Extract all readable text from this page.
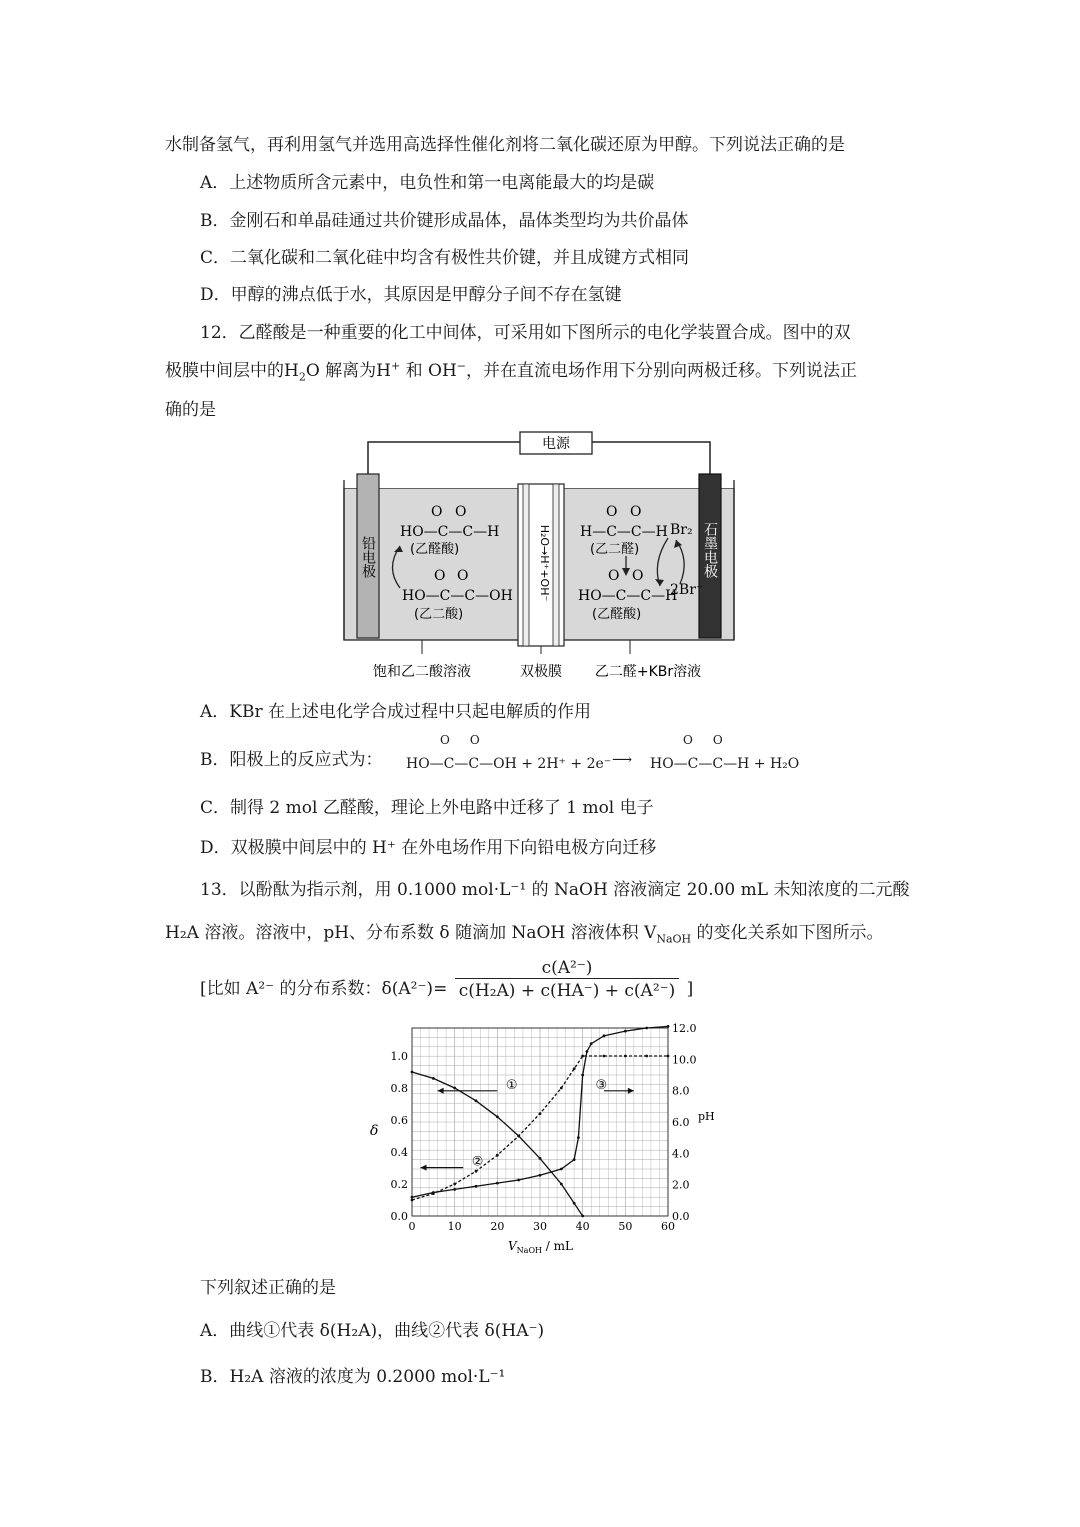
水制备氢气，再利用氢气并选用高选择性催化剂将二氧化碳还原为甲醇。下列说法正确的是
A．上述物质所含元素中，电负性和第一电离能最大的均是碳
B．金刚石和单晶硅通过共价键形成晶体，晶体类型均为共价晶体
C．二氧化碳和二氧化硅中均含有极性共价键，并且成键方式相同
D．甲醇的沸点低于水，其原因是甲醇分子间不存在氢键
12．乙醛酸是一种重要的化工中间体，可采用如下图所示的电化学装置合成。图中的双
极膜中间层中的$H_2O$ 解离为H+ 和 OH−，并在直流电场作用下分别向两极迁移。下列说法正
确的是
电源
H₂O→H⁺+OH⁻
铅电极	石墨电极
O O
HO—C—C—H
(乙醛酸)
O O
HO—C—C—OH
(乙二酸)
O O
H—C—C—H
(乙二醛)
O O
HO—C—C—H
(乙醛酸)
Br₂
2Br⁻
饱和乙二酸溶液	双极膜 乙二醛+KBr溶液
A．KBr 在上述电化学合成过程中只起电解质的作用
B．阳极上的反应式为： HO—C—C—OH + 2H⁺ + 2e⁻ ⟶ HO—C—C—H + H₂O
O O	O O
C．制得 2 mol 乙醛酸，理论上外电路中迁移了 1 mol 电子
D．双极膜中间层中的 H⁺ 在外电场作用下向铅电极方向迁移
13．以酚酞为指示剂，用 0.1000 mol·L⁻¹ 的 NaOH 溶液滴定 20.00 mL 未知浓度的二元酸
H₂A 溶液。溶液中，pH、分布系数 δ 随滴加 NaOH 溶液体积 $V_{NaOH}$ 的变化关系如下图所示。
[比如 A²⁻ 的分布系数：$\delta(A^{2-})= \frac{\text{c(A²⁻)}}{\text{c(H₂A) + c(HA⁻) + c(A²⁻)}}$ ]
0	10	20	30	40	50	60
0.0
0.2
0.4
0.6
0.8
1.0
0.0
2.0
4.0
6.0
8.0
10.0
12.0
δ
pH
$V_{NaOH}$ / mL
①
②
③
下列叙述正确的是
A．曲线①代表 δ(H₂A)，曲线②代表 δ(HA⁻)
B．H₂A 溶液的浓度为 0.2000 mol·L⁻¹
